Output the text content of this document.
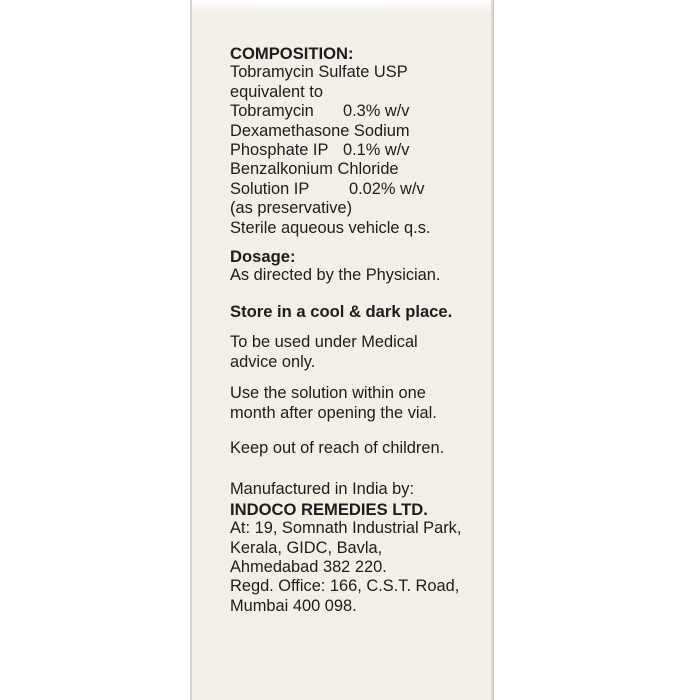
COMPOSITION:
Tobramycin Sulfate USP
equivalent to
Tobramycin 0.3% w/v
Dexamethasone Sodium
Phosphate IP 0.1% w/v
Benzalkonium Chloride
Solution IP 0.02% w/v
(as preservative)
Sterile aqueous vehicle q.s.
Dosage:
As directed by the Physician.
Store in a cool & dark place.
To be used under Medical
advice only.
Use the solution within one
month after opening the vial.
Keep out of reach of children.
Manufactured in India by:
INDOCO REMEDIES LTD.
At: 19, Somnath Industrial Park,
Kerala, GIDC, Bavla,
Ahmedabad 382 220.
Regd. Office: 166, C.S.T. Road,
Mumbai 400 098.
